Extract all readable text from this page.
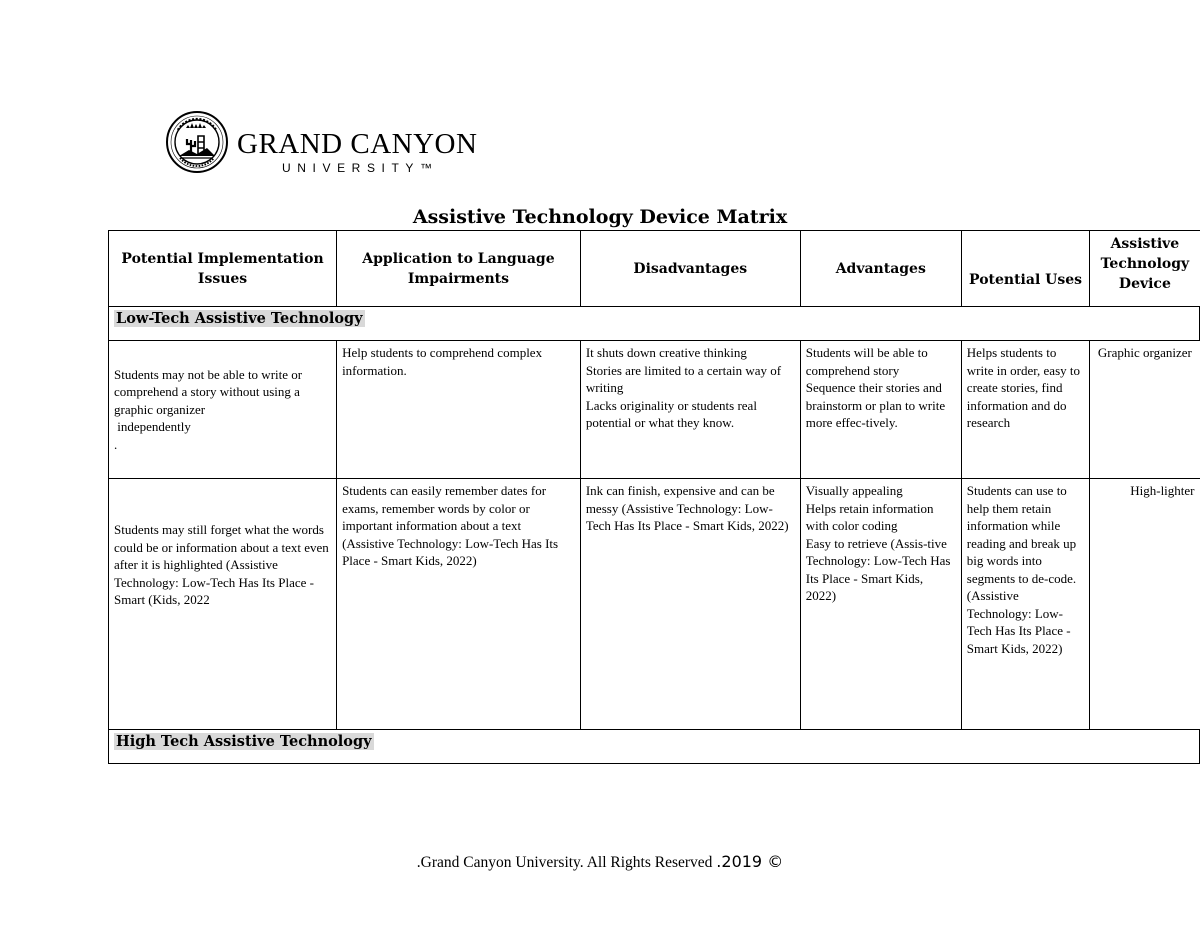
GRAND CANYON
UNIVERSITY™
Assistive Technology Device Matrix
Potential Implementation Issues	Application to Language Impairments	Disadvantages	Advantages	Potential Uses	Assistive
Technology
Device
Low-Tech Assistive Technology					
Students may not be able to write or comprehend a story without using a graphic organizer
independently
.	Help students to comprehend complex information.	It shuts down creative thinking
Stories are limited to a certain way of writing
Lacks originality or students real potential or what they know.	Students will be able to comprehend story
Sequence their stories and brainstorm or plan to write more effec-tively.	Helps students to write in order, easy to create stories, find information and do research	Graphic organizer
Students may still forget what the words could be or information about a text even after it is highlighted (Assistive Technology: Low-Tech Has Its Place - Smart (Kids, 2022	Students can easily remember dates for exams, remember words by color or important information about a text (Assistive Technology: Low-Tech Has Its Place - Smart Kids, 2022)	Ink can finish, expensive and can be messy (Assistive Technology: Low-Tech Has Its Place - Smart Kids, 2022)	Visually appealing
Helps retain information with color coding
Easy to retrieve (Assis-tive Technology: Low-Tech Has Its Place - Smart Kids, 2022)	Students can use to help them retain information while reading and break up big words into segments to de-code. (Assistive Technology: Low-Tech Has Its Place - Smart Kids, 2022)	High-lighter
High Tech Assistive Technology					
.Grand Canyon University. All Rights Reserved .2019 ©
